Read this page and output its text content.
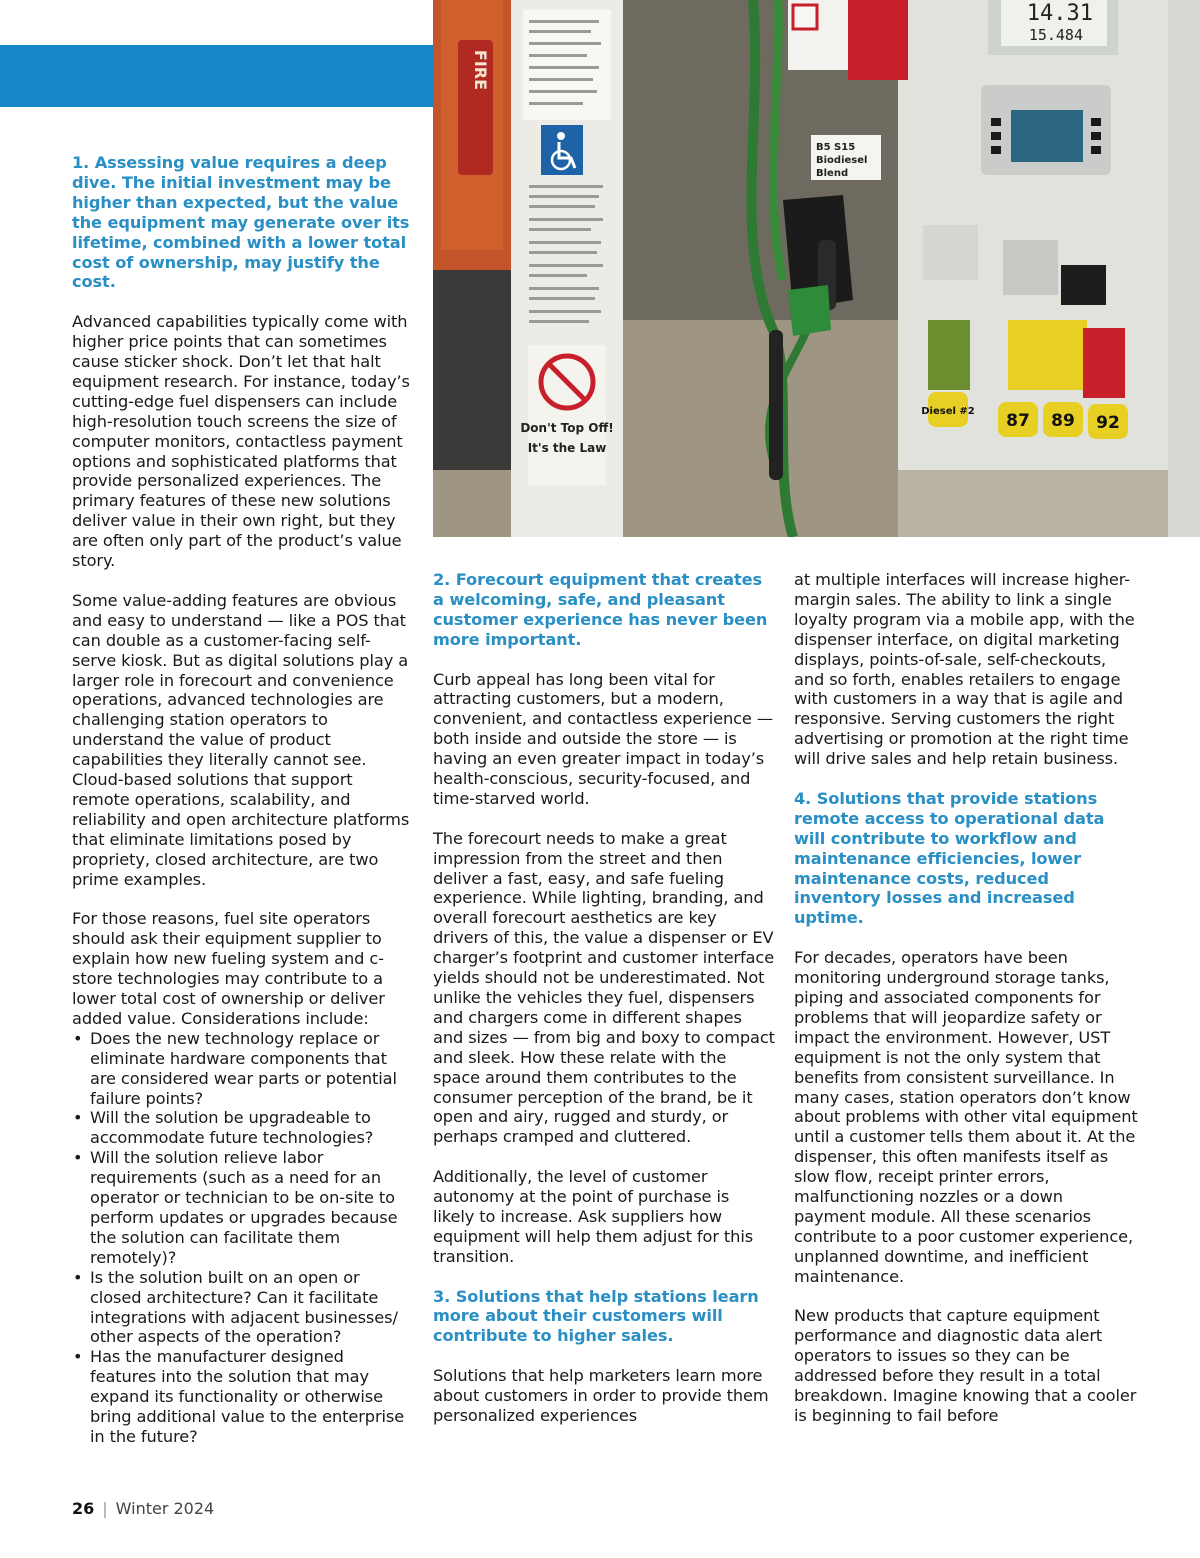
FIRE
Don't Top Off!
It's the Law
14.31
15.484
B5 S15
Biodiesel
Blend
Diesel #2 87 89 92
1. Assessing value requires a deep dive. The initial investment may be higher than expected, but the value the equipment may generate over its lifetime, combined with a lower total cost of ownership, may justify the cost.

Advanced capabilities typically come with higher price points that can sometimes cause sticker shock. Don’t let that halt equipment research. For instance, today’s cutting-edge fuel dispensers can include high-resolution touch screens the size of computer monitors, contactless payment options and sophisticated platforms that provide personalized experiences. The primary features of these new solutions deliver value in their own right, but they are often only part of the product’s value story.

Some value-adding features are obvious and easy to understand — like a POS that can double as a customer-facing self-serve kiosk. But as digital solutions play a larger role in forecourt and convenience operations, advanced technologies are challenging station operators to understand the value of product capabilities they literally cannot see. Cloud-based solutions that support remote operations, scalability, and reliability and open architecture platforms that eliminate limitations posed by propriety, closed architecture, are two prime examples.

For those reasons, fuel site operators should ask their equipment supplier to explain how new fueling system and c-store technologies may contribute to a lower total cost of ownership or deliver added value. Considerations include:

• Does the new technology replace or eliminate hardware components that are considered wear parts or potential failure points?
• Will the solution be upgradeable to accommodate future technologies?
• Will the solution relieve labor requirements (such as a need for an operator or technician to be on-site to perform updates or upgrades because the solution can facilitate them remotely)?
• Is the solution built on an open or closed architecture? Can it facilitate integrations with adjacent businesses/ other aspects of the operation?
• Has the manufacturer designed features into the solution that may expand its functionality or otherwise bring additional value to the enterprise in the future?
2. Forecourt equipment that creates a welcoming, safe, and pleasant customer experience has never been more important.

Curb appeal has long been vital for attracting customers, but a modern, convenient, and contactless experience — both inside and outside the store — is having an even greater impact in today’s health-conscious, security-focused, and time-starved world.

The forecourt needs to make a great impression from the street and then deliver a fast, easy, and safe fueling experience. While lighting, branding, and overall forecourt aesthetics are key drivers of this, the value a dispenser or EV charger’s footprint and customer interface yields should not be underestimated. Not unlike the vehicles they fuel, dispensers and chargers come in different shapes and sizes — from big and boxy to compact and sleek. How these relate with the space around them contributes to the consumer perception of the brand, be it open and airy, rugged and sturdy, or perhaps cramped and cluttered.

Additionally, the level of customer autonomy at the point of purchase is likely to increase. Ask suppliers how equipment will help them adjust for this transition.

3. Solutions that help stations learn more about their customers will contribute to higher sales.

Solutions that help marketers learn more about customers in order to provide them personalized experiences

at multiple interfaces will increase higher-margin sales. The ability to link a single loyalty program via a mobile app, with the dispenser interface, on digital marketing displays, points-of-sale, self-checkouts, and so forth, enables retailers to engage with customers in a way that is agile and responsive. Serving customers the right advertising or promotion at the right time will drive sales and help retain business.

4. Solutions that provide stations remote access to operational data will contribute to workflow and maintenance efficiencies, lower maintenance costs, reduced inventory losses and increased uptime.

For decades, operators have been monitoring underground storage tanks, piping and associated components for problems that will jeopardize safety or impact the environment. However, UST equipment is not the only system that benefits from consistent surveillance. In many cases, station operators don’t know about problems with other vital equipment until a customer tells them about it. At the dispenser, this often manifests itself as slow flow, receipt printer errors, malfunctioning nozzles or a down payment module. All these scenarios contribute to a poor customer experience, unplanned downtime, and inefficient maintenance.

New products that capture equipment performance and diagnostic data alert operators to issues so they can be addressed before they result in a total breakdown. Imagine knowing that a cooler is beginning to fail before

26 | Winter 2024
